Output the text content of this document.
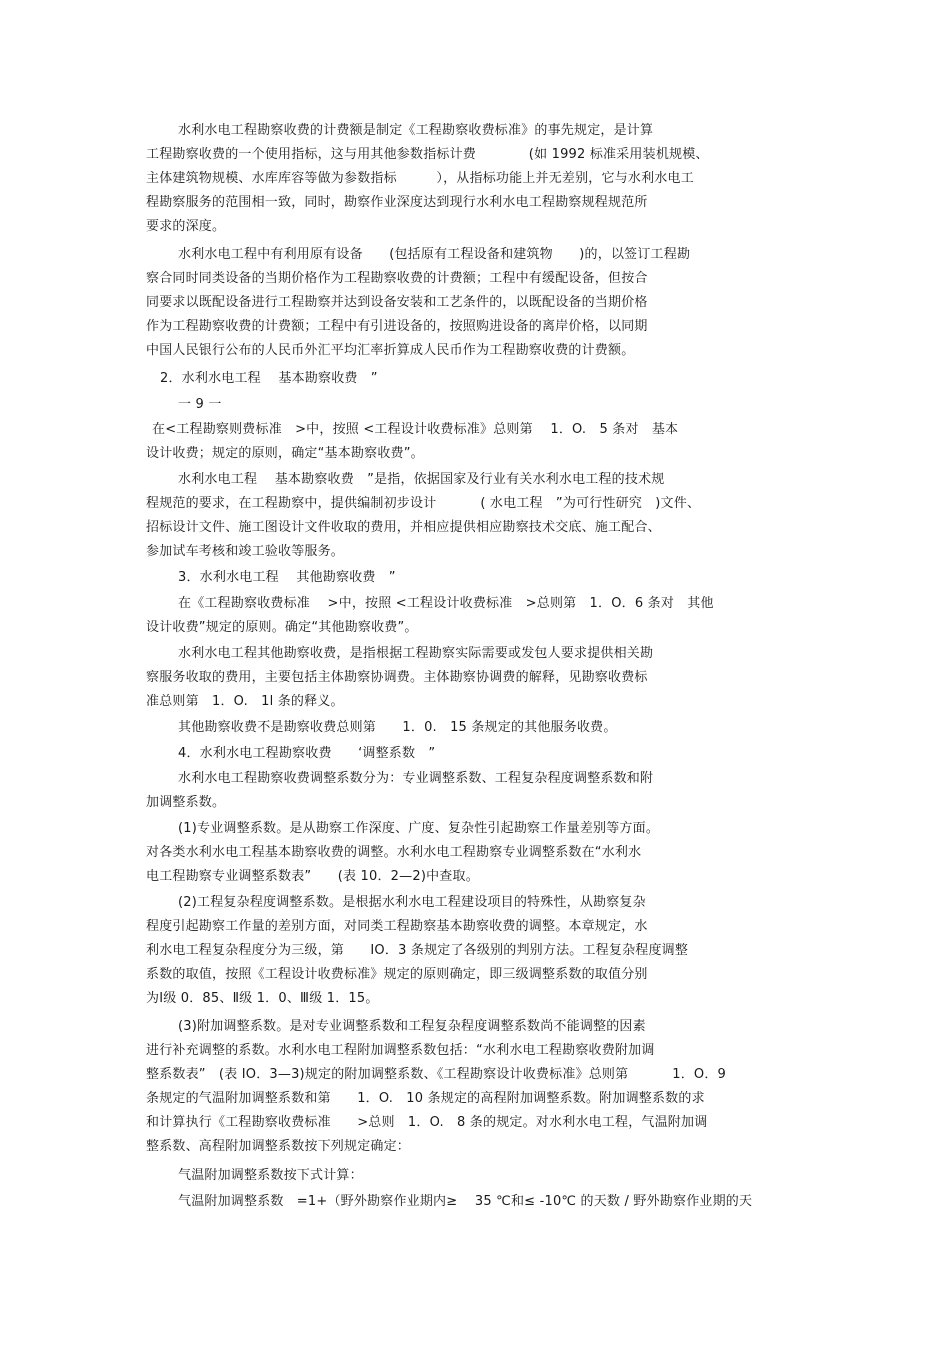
水利水电工程勘察收费的计费额是制定《工程勘察收费标准》的事先规定，是计算
工程勘察收费的一个使用指标，这与用其他参数指标计费　　　　(如 1992 标准采用装机规模、
主体建筑物规模、水库库容等做为参数指标　　　），从指标功能上并无差别，它与水利水电工
程勘察服务的范围相一致，同时，勘察作业深度达到现行水利水电工程勘察规程规范所
要求的深度。
水利水电工程中有利用原有设备　　(包括原有工程设备和建筑物　　)的，以签订工程勘
察合同时同类设备的当期价格作为工程勘察收费的计费额；工程中有缓配设备，但按合
同要求以既配设备进行工程勘察并达到设备安装和工艺条件的，以既配设备的当期价格
作为工程勘察收费的计费额；工程中有引进设备的，按照购进设备的离岸价格，以同期
中国人民银行公布的人民币外汇平均汇率折算成人民币作为工程勘察收费的计费额。
2．水利水电工程　 基本勘察收费　”
一 9 一
在<工程勘察则费标准　>中，按照 <工程设计收费标准》总则第　 1．O.　5 条对　基本
设计收费；规定的原则，确定“基本勘察收费”。
水利水电工程　 基本勘察收费　”是指，依据国家及行业有关水利水电工程的技术规
程规范的要求，在工程勘察中，提供编制初步设计　　　 ( 水电工程　”为可行性研究　)文件、
招标设计文件、施工图设计文件收取的费用，并相应提供相应勘察技术交底、施工配合、
参加试车考核和竣工验收等服务。
3．水利水电工程　 其他勘察收费　”
在《工程勘察收费标准　 >中，按照 <工程设计收费标准　>总则第　1．O．6 条对　其他
设计收费”规定的原则。确定“其他勘察收费”。
水利水电工程其他勘察收费，是指根据工程勘察实际需要或发包人要求提供相关勘
察服务收取的费用，主要包括主体勘察协调费。主体勘察协调费的解释，见勘察收费标
准总则第　1．O.　1l 条的释义。
其他勘察收费不是勘察收费总则第　　1．0.　15 条规定的其他服务收费。
4．水利水电工程勘察收费　　‘调整系数　”
水利水电工程勘察收费调整系数分为：专业调整系数、工程复杂程度调整系数和附
加调整系数。
(1)专业调整系数。是从勘察工作深度、广度、复杂性引起勘察工作量差别等方面。
对各类水利水电工程基本勘察收费的调整。水利水电工程勘察专业调整系数在“水利水
电工程勘察专业调整系数表”　　(表 10．2—2)中查取。
(2)工程复杂程度调整系数。是根据水利水电工程建设项目的特殊性，从勘察复杂
程度引起勘察工作量的差别方面，对同类工程勘察基本勘察收费的调整。本章规定，水
利水电工程复杂程度分为三级，第　　IO．3 条规定了各级别的判别方法。工程复杂程度调整
系数的取值，按照《工程设计收费标准》规定的原则确定，即三级调整系数的取值分别
为Ⅰ级 0．85、Ⅱ级 1．0、Ⅲ级 1．15。
(3)附加调整系数。是对专业调整系数和工程复杂程度调整系数尚不能调整的因素
进行补充调整的系数。水利水电工程附加调整系数包括：“水利水电工程勘察收费附加调
整系数表”　(表 IO．3—3)规定的附加调整系数、《工程勘察设计收费标准》总则第　　　 1．O．9
条规定的气温附加调整系数和第　　1．O.　10 条规定的高程附加调整系数。附加调整系数的求
和计算执行《工程勘察收费标准　　>总则　1．O.　8 条的规定。对水利水电工程，气温附加调
整系数、高程附加调整系数按下列规定确定：
气温附加调整系数按下式计算：
气温附加调整系数　=1+（野外勘察作业期内≥　 35 ℃和≤ -10℃ 的天数 / 野外勘察作业期的天
